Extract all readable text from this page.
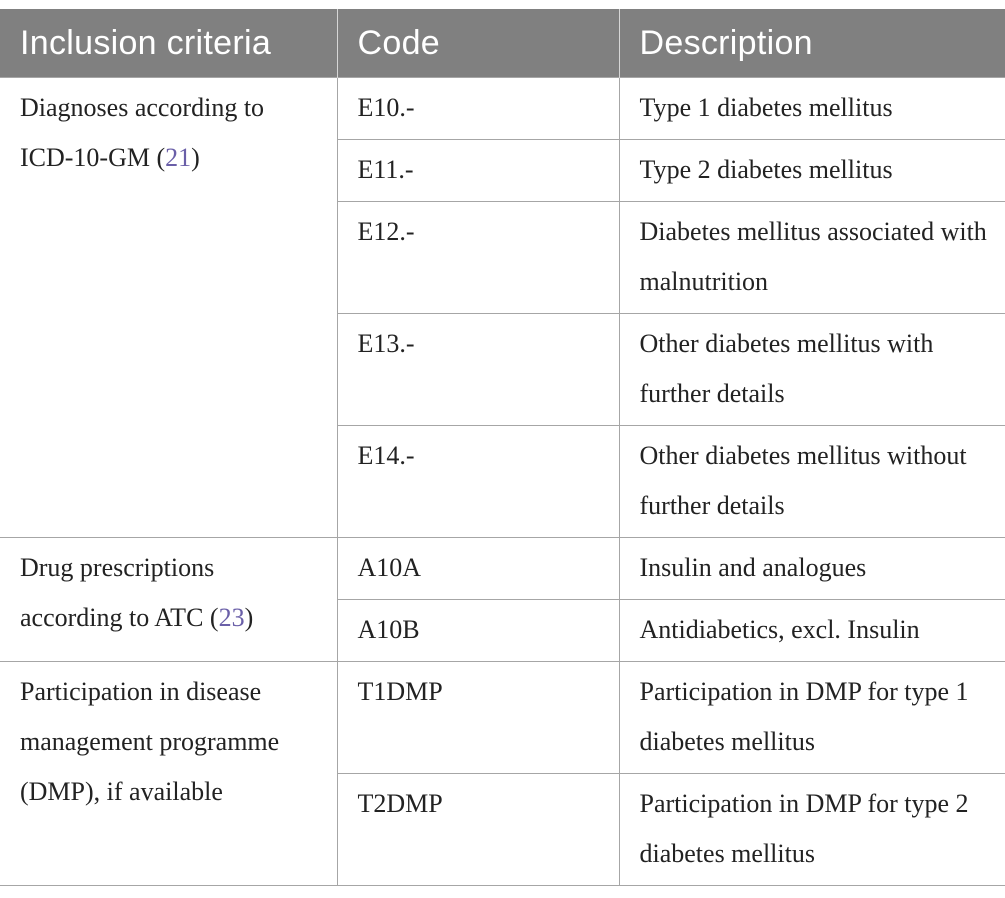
Inclusion criteria	Code	Description
Diagnoses according to ICD-10-GM (21)	E10.-	Type 1 diabetes mellitus
	E11.-	Type 2 diabetes mellitus
	E12.-	Diabetes mellitus associated with malnutrition
	E13.-	Other diabetes mellitus with further details
	E14.-	Other diabetes mellitus without further details
Drug prescriptions according to ATC (23)	A10A	Insulin and analogues
	A10B	Antidiabetics, excl. Insulin
Participation in disease management programme (DMP), if available	T1DMP	Participation in DMP for type 1 diabetes mellitus
	T2DMP	Participation in DMP for type 2 diabetes mellitus
